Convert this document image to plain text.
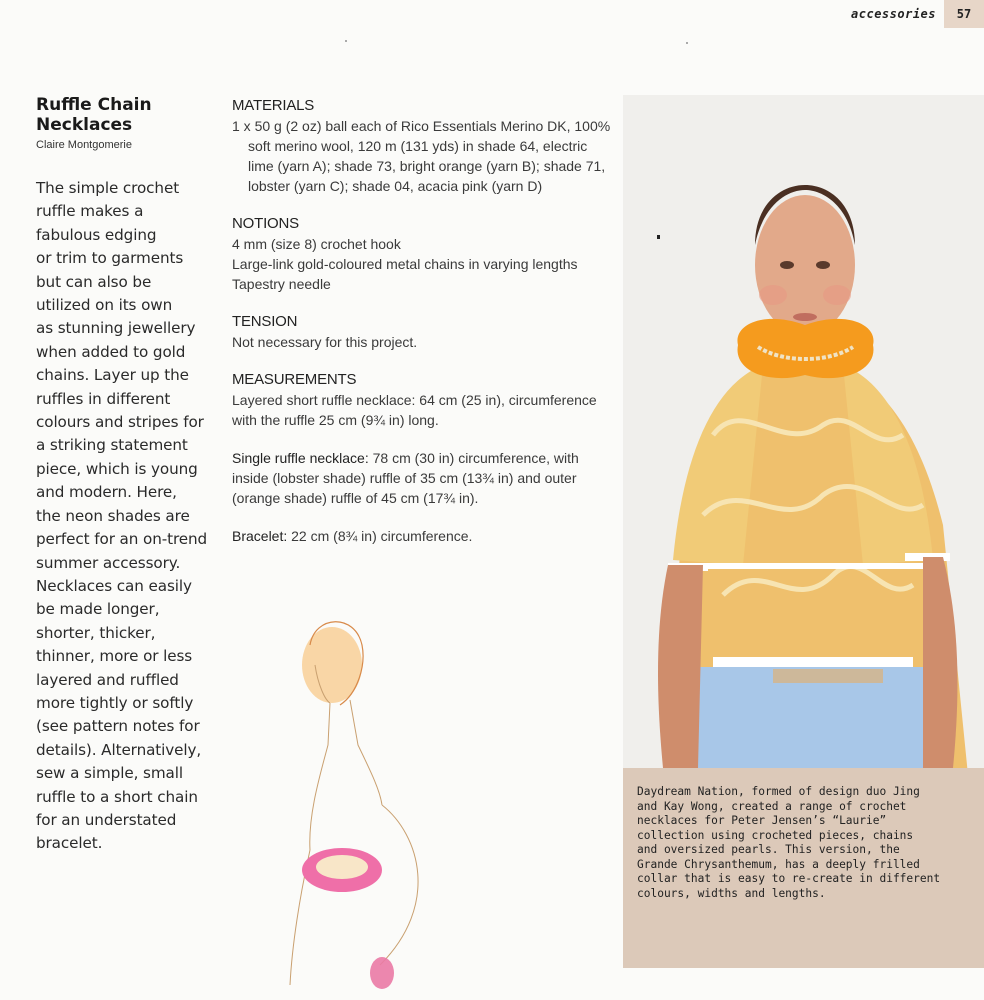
accessories	57
Ruffle Chain
Necklaces
Claire Montgomerie
The simple crochet
ruffle makes a
fabulous edging
or trim to garments
but can also be
utilized on its own
as stunning jewellery
when added to gold
chains. Layer up the
ruffles in different
colours and stripes for
a striking statement
piece, which is young
and modern. Here,
the neon shades are
perfect for an on-trend
summer accessory.
Necklaces can easily
be made longer,
shorter, thicker,
thinner, more or less
layered and ruffled
more tightly or softly
(see pattern notes for
details). Alternatively,
sew a simple, small
ruffle to a short chain
for an understated
bracelet.
MATERIALS
1 x 50 g (2 oz) ball each of Rico Essentials Merino DK, 100% soft merino wool, 120 m (131 yds) in shade 64, electric lime (yarn A); shade 73, bright orange (yarn B); shade 71, lobster (yarn C); shade 04, acacia pink (yarn D)
NOTIONS
4 mm (size 8) crochet hook
Large-link gold-coloured metal chains in varying lengths
Tapestry needle
TENSION
Not necessary for this project.
MEASUREMENTS
Layered short ruffle necklace: 64 cm (25 in), circumference with the ruffle 25 cm (9¾ in) long.
Single ruffle necklace: 78 cm (30 in) circumference, with inside (lobster shade) ruffle of 35 cm (13¾ in) and outer (orange shade) ruffle of 45 cm (17¾ in).
Bracelet: 22 cm (8¾ in) circumference.
Daydream Nation, formed of design duo Jing
and Kay Wong, created a range of crochet
necklaces for Peter Jensen’s “Laurie”
collection using crocheted pieces, chains
and oversized pearls. This version, the
Grande Chrysanthemum, has a deeply frilled
collar that is easy to re-create in different
colours, widths and lengths.
